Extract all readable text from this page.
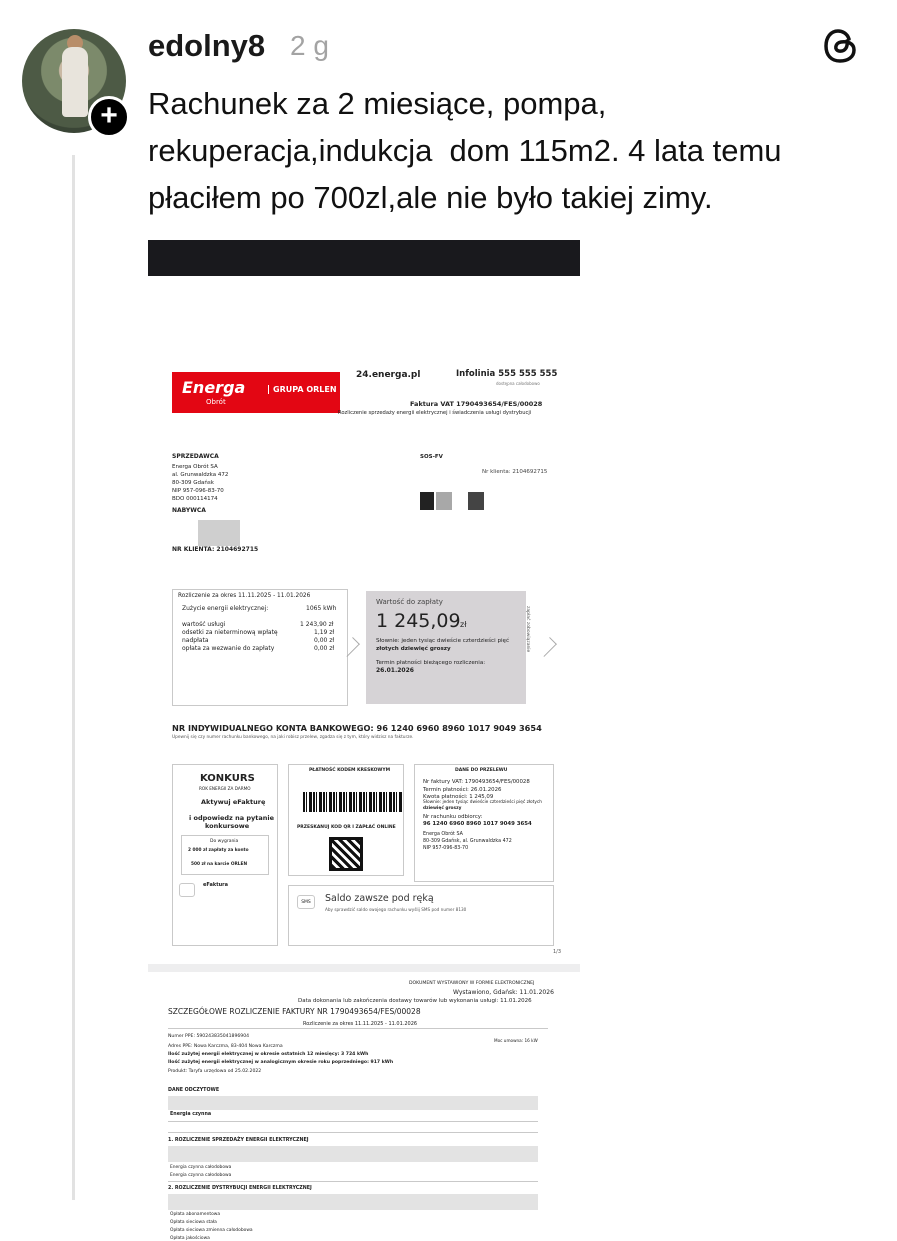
+
edolny8 2 g
Rachunek za 2 miesiące, pompa,
rekuperacja,indukcja  dom 115m2. 4 lata temu
płaciłem po 700zl,ale nie było takiej zimy.
Energa
Obrót
GRUPA ORLEN
24.energa.pl	Infolinia 555 555 555
dostępna całodobowo
Faktura VAT 1790493654/FES/00028
Rozliczenie sprzedaży energii elektrycznej i świadczenia usługi dystrybucji
SPRZEDAWCA
Energa Obrót SA
al. Grunwaldzka 472
80-309 Gdańsk
NIP 957-096-83-70
BDO 000114174
NABYWCA
NR KLIENTA: 2104692715
SOS-FV
Nr klienta: 2104692715
Rozliczenie za okres 11.11.2025 - 11.01.2026
Zużycie energii elektrycznej:	1065 kWh
wartość usługi	1 243,90 zł
odsetki za nieterminową wpłatę	1,19 zł
nadpłata	0,00 zł
opłata za wezwanie do zapłaty	0,00 zł
Wartość do zapłaty
1 245,09 zł
Słownie: jeden tysiąc dwieście czterdzieści pięć
złotych dziewięć groszy
Termin płatności bieżącego rozliczenia:
26.01.2026
zapłać zobowiązanie
NR INDYWIDUALNEGO KONTA BANKOWEGO: 96 1240 6960 8960 1017 9049 3654
Upewnij się czy numer rachunku bankowego, na jaki robisz przelew, zgadza się z tym, który widzisz na fakturze.
KONKURS
ROK ENERGII ZA DARMO
Aktywuj eFakturę
i odpowiedz na pytanie
konkursowe
Do wygrania
2 000 zł zapłaty za konto
500 zł na karcie ORLEN
eFaktura
PŁATNOŚĆ KODEM KRESKOWYM
PRZESKANUJ KOD QR I ZAPŁAĆ ONLINE
DANE DO PRZELEWU
Nr faktury VAT: 1790493654/FES/00028
Termin płatności: 26.01.2026
Kwota płatności: 1 245,09
Słownie: jeden tysiąc dwieście czterdzieści pięć złotych
dziewięć groszy
Nr rachunku odbiorcy:
96 1240 6960 8960 1017 9049 3654
Energa Obrót SA
80-309 Gdańsk, al. Grunwaldzka 472
NIP 957-096-83-70
SMS	Saldo zawsze pod ręką
Aby sprawdzić saldo swojego rachunku wyślij SMS pod numer 8130
1/3
DOKUMENT WYSTAWIONY W FORMIE ELEKTRONICZNEJ
Wystawiono, Gdańsk: 11.01.2026
Data dokonania lub zakończenia dostawy towarów lub wykonania usługi: 11.01.2026
SZCZEGÓŁOWE ROZLICZENIE FAKTURY NR 1790493654/FES/00028
Rozliczenie za okres 11.11.2025 - 11.01.2026
Numer PPE: 590243835041896904
Adres PPE: Nowa Karczma, 83-404 Nowa Karczma
Moc umowna: 16 kW
Ilość zużytej energii elektrycznej w okresie ostatnich 12 miesięcy: 3 724 kWh
Ilość zużytej energii elektrycznej w analogicznym okresie roku poprzedniego: 917 kWh
Produkt: Taryfa urzędowa od 25.02.2022
DANE ODCZYTOWE
Energia czynna
1. ROZLICZENIE SPRZEDAŻY ENERGII ELEKTRYCZNEJ
Energia czynna całodobowa
Energia czynna całodobowa
2. ROZLICZENIE DYSTRYBUCJI ENERGII ELEKTRYCZNEJ
Opłata abonamentowa
Opłata sieciowa stała
Opłata sieciowa zmienna całodobowa
Opłata jakościowa
